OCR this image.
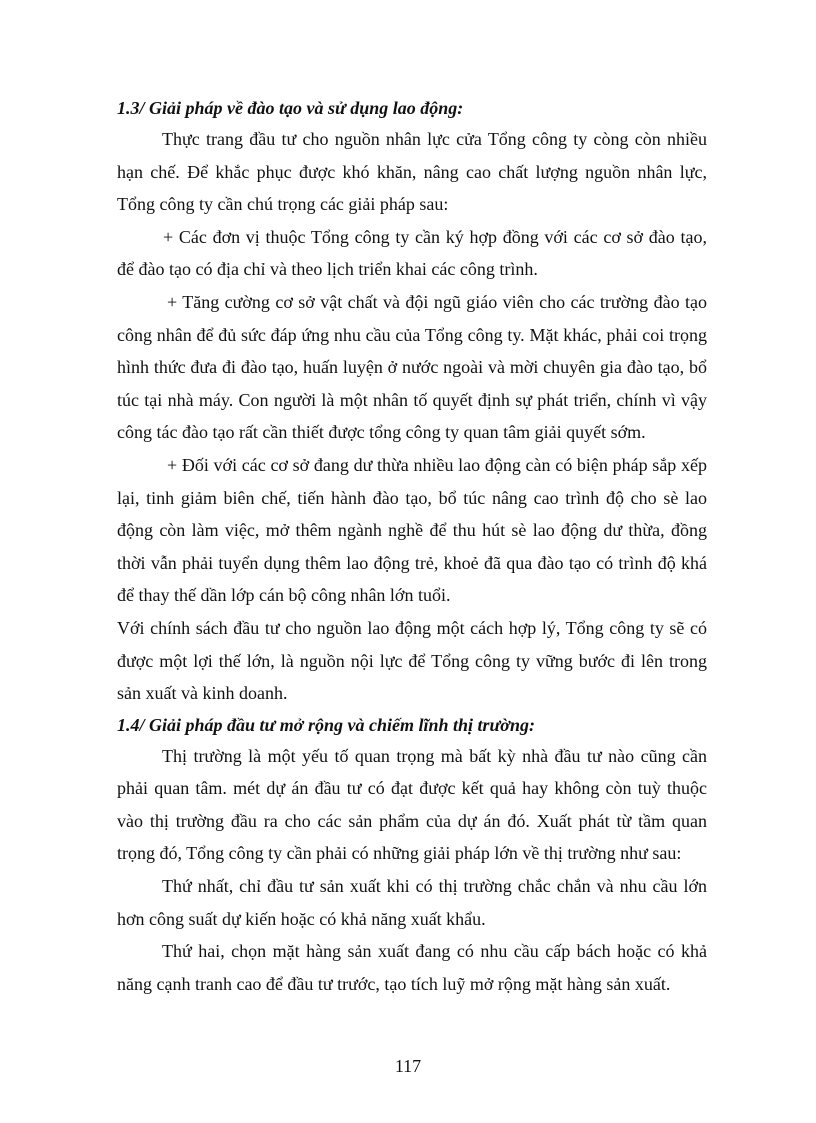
1.3/ Giải pháp về đào tạo và sử dụng lao động:

Thực trang đầu tư cho nguồn nhân lực cửa Tổng công ty còng còn nhiều hạn chế. Để khắc phục được khó khăn, nâng cao chất lượng nguồn nhân lực, Tổng công ty cần chú trọng các giải pháp sau:

+ Các đơn vị thuộc Tổng công ty cần ký hợp đồng với các cơ sở đào tạo, để đào tạo có địa chỉ và theo lịch triển khai các công trình.

+ Tăng cường cơ sở vật chất và đội ngũ giáo viên cho các trường đào tạo công nhân để đủ sức đáp ứng nhu cầu của Tổng công ty. Mặt khác, phải coi trọng hình thức đưa đi đào tạo, huấn luyện ở nước ngoài và mời chuyên gia đào tạo, bổ túc tại nhà máy. Con người là một nhân tố quyết định sự phát triển, chính vì vậy công tác đào tạo rất cần thiết được tổng công ty quan tâm giải quyết sớm.

+ Đối với các cơ sở đang dư thừa nhiều lao động càn có biện pháp sắp xếp lại, tinh giảm biên chế, tiến hành đào tạo, bổ túc nâng cao trình độ cho sè lao động còn làm việc, mở thêm ngành nghề để thu hút sè lao động dư thừa, đồng thời vẫn phải tuyển dụng thêm lao động trẻ, khoẻ đã qua đào tạo có trình độ khá để thay thế dần lớp cán bộ công nhân lớn tuổi.

Với chính sách đầu tư cho nguồn lao động một cách hợp lý, Tổng công ty sẽ có được một lợi thế lớn, là nguồn nội lực để Tổng công ty vững bước đi lên trong sản xuất và kinh doanh.

1.4/ Giải pháp đầu tư mở rộng và chiếm lĩnh thị trường:

Thị trường là một yếu tố quan trọng mà bất kỳ nhà đầu tư nào cũng cần phải quan tâm. mét dự án đầu tư có đạt được kết quả hay không còn tuỳ thuộc vào thị trường đầu ra cho các sản phẩm của dự án đó. Xuất phát từ tầm quan trọng đó, Tổng công ty cần phải có những giải pháp lớn về thị trường như sau:

Thứ nhất, chỉ đầu tư sản xuất khi có thị trường chắc chắn và nhu cầu lớn hơn công suất dự kiến hoặc có khả năng xuất khẩu.

Thứ hai, chọn mặt hàng sản xuất đang có nhu cầu cấp bách hoặc có khả năng cạnh tranh cao để đầu tư trước, tạo tích luỹ mở rộng mặt hàng sản xuất.

117
